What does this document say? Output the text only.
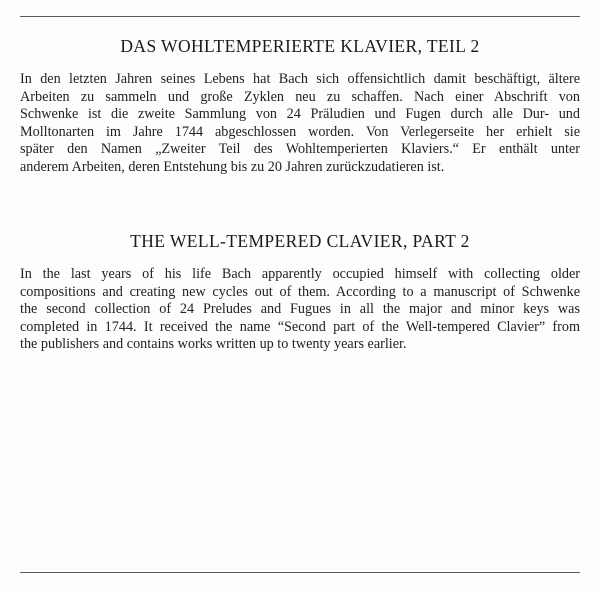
DAS WOHLTEMPERIERTE KLAVIER, TEIL 2

In den letzten Jahren seines Lebens hat Bach sich offensichtlich damit beschäftigt, ältere
Arbeiten zu sammeln und große Zyklen neu zu schaffen. Nach einer Abschrift von
Schwenke ist die zweite Sammlung von 24 Präludien und Fugen durch alle Dur- und
Molltonarten im Jahre 1744 abgeschlossen worden. Von Verlegerseite her erhielt sie
später den Namen „Zweiter Teil des Wohltemperierten Klaviers.“ Er enthält unter
anderem Arbeiten, deren Entstehung bis zu 20 Jahren zurückzudatieren ist.

THE WELL-TEMPERED CLAVIER, PART 2

In the last years of his life Bach apparently occupied himself with collecting older
compositions and creating new cycles out of them. According to a manuscript of Schwenke
the second collection of 24 Preludes and Fugues in all the major and minor keys was
completed in 1744. It received the name “Second part of the Well-tempered Clavier” from
the publishers and contains works written up to twenty years earlier.
